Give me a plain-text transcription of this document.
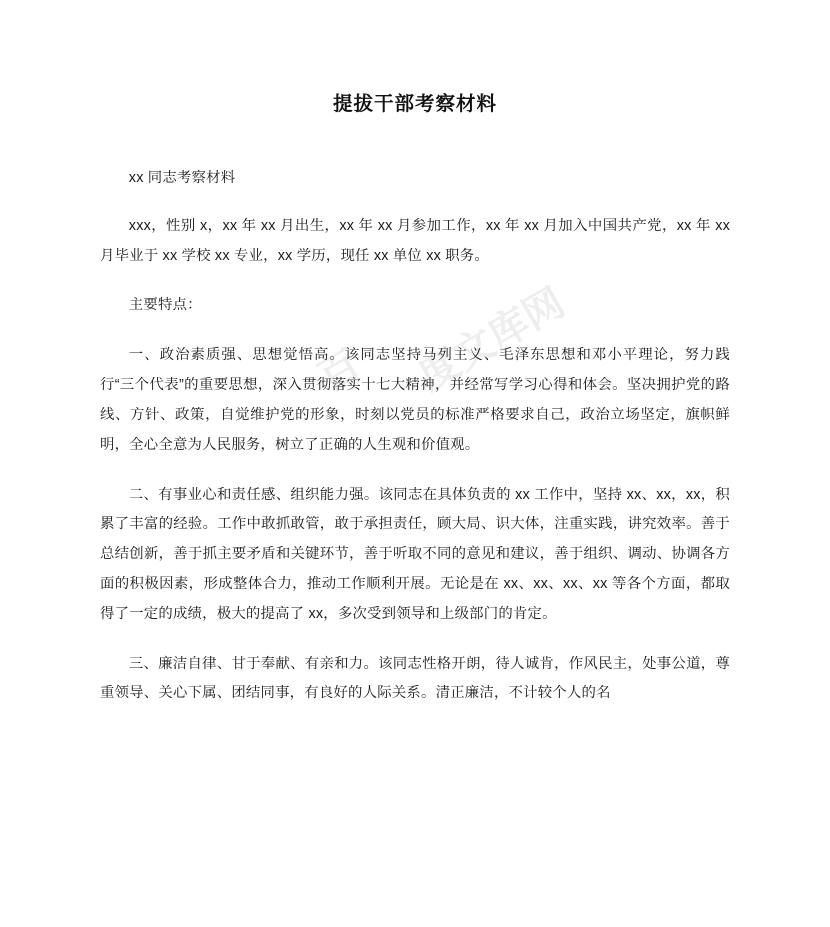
提拔干部考察材料
百 度文库网

xx 同志考察材料

xxx，性别 x，xx 年 xx 月出生，xx 年 xx 月参加工作，xx 年 xx 月加入中国共产党，xx 年 xx 月毕业于 xx 学校 xx 专业，xx 学历，现任 xx 单位 xx 职务。

主要特点：

一、政治素质强、思想觉悟高。该同志坚持马列主义、毛泽东思想和邓小平理论，努力践行“三个代表”的重要思想，深入贯彻落实十七大精神，并经常写学习心得和体会。坚决拥护党的路线、方针、政策，自觉维护党的形象，时刻以党员的标准严格要求自己，政治立场坚定，旗帜鲜明，全心全意为人民服务，树立了正确的人生观和价值观。

二、有事业心和责任感、组织能力强。该同志在具体负责的 xx 工作中，坚持 xx、xx，xx，积累了丰富的经验。工作中敢抓敢管，敢于承担责任，顾大局、识大体，注重实践，讲究效率。善于总结创新，善于抓主要矛盾和关键环节，善于听取不同的意见和建议，善于组织、调动、协调各方面的积极因素，形成整体合力，推动工作顺利开展。无论是在 xx、xx、xx、xx 等各个方面，都取得了一定的成绩，极大的提高了 xx，多次受到领导和上级部门的肯定。

三、廉洁自律、甘于奉献、有亲和力。该同志性格开朗，待人诚肯，作风民主，处事公道，尊重领导、关心下属、团结同事，有良好的人际关系。清正廉洁，不计较个人的名
